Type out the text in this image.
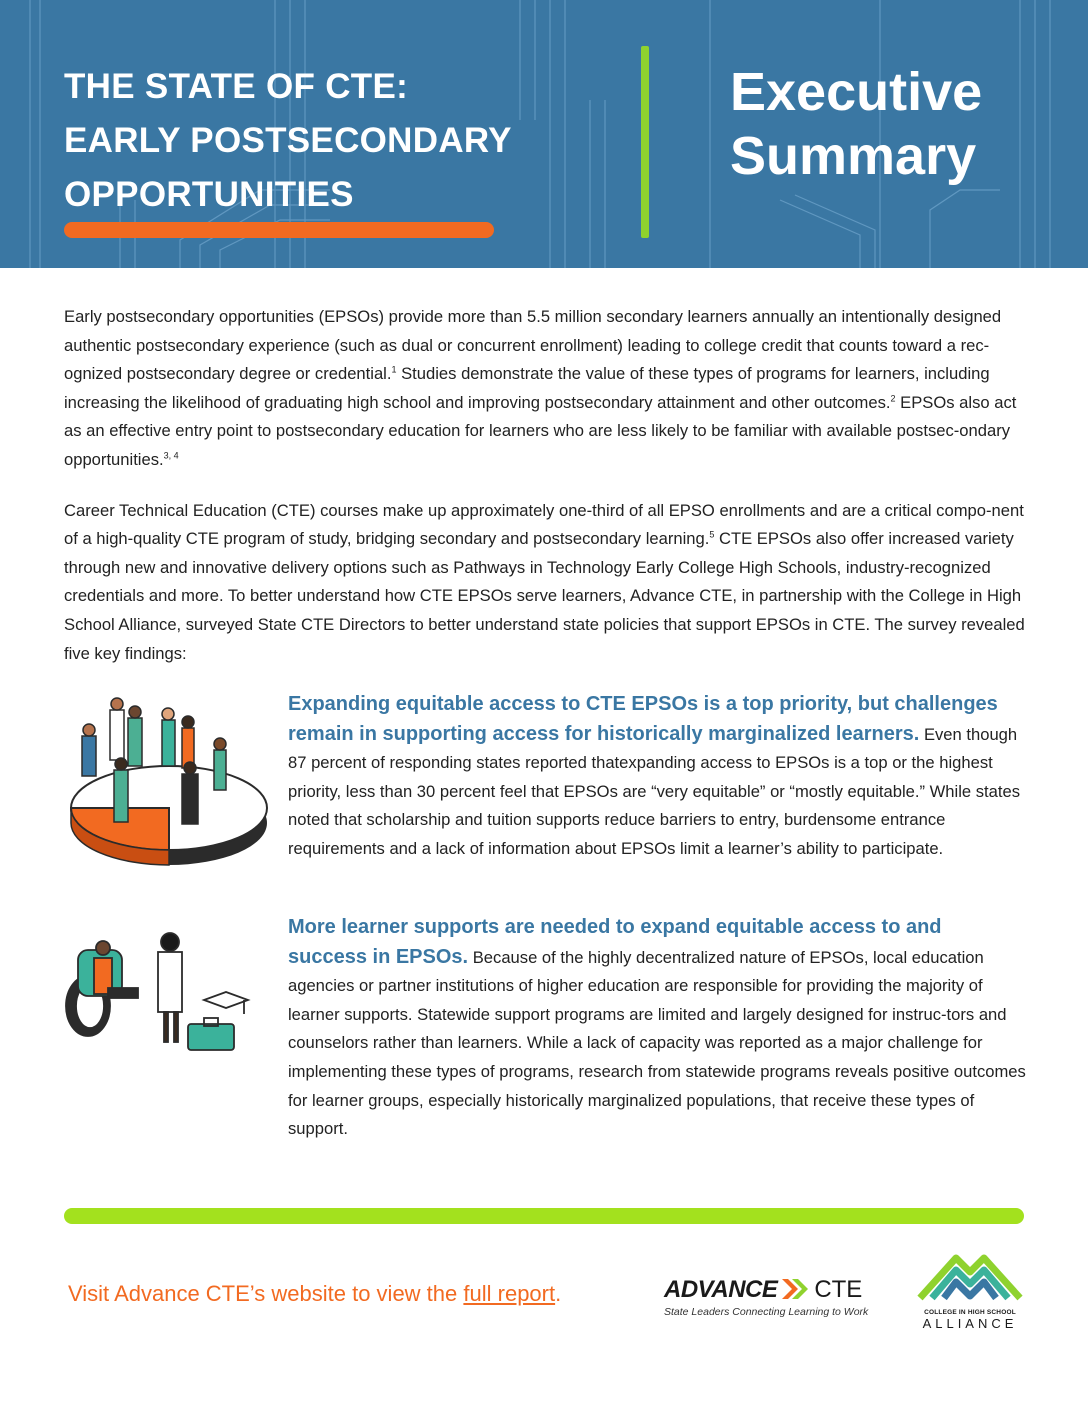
THE STATE OF CTE:
EARLY POSTSECONDARY
OPPORTUNITIES
Executive
Summary

Early postsecondary opportunities (EPSOs) provide more than 5.5 million secondary learners annually an intentionally designed authentic postsecondary experience (such as dual or concurrent enrollment) leading to college credit that counts toward a rec-ognized postsecondary degree or credential.$^1$ Studies demonstrate the value of these types of programs for learners, including increasing the likelihood of graduating high school and improving postsecondary attainment and other outcomes.$^2$ EPSOs also act as an effective entry point to postsecondary education for learners who are less likely to be familiar with available postsec-ondary opportunities.$^{3, 4}$

Career Technical Education (CTE) courses make up approximately one-third of all EPSO enrollments and are a critical compo-nent of a high-quality CTE program of study, bridging secondary and postsecondary learning.$^5$ CTE EPSOs also offer increased variety through new and innovative delivery options such as Pathways in Technology Early College High Schools, industry-recognized credentials and more. To better understand how CTE EPSOs serve learners, Advance CTE, in partnership with the College in High School Alliance, surveyed State CTE Directors to better understand state policies that support EPSOs in CTE. The survey revealed five key findings:

Expanding equitable access to CTE EPSOs is a top priority, but challenges remain in supporting access for historically marginalized learners. Even though 87 percent of responding states reported thatexpanding access to EPSOs is a top or the highest priority, less than 30 percent feel that EPSOs are “very equitable” or “mostly equitable.” While states noted that scholarship and tuition supports reduce barriers to entry, burdensome entrance requirements and a lack of information about EPSOs limit a learner’s ability to participate.
More learner supports are needed to expand equitable access to and success in EPSOs. Because of the highly decentralized nature of EPSOs, local education agencies or partner institutions of higher education are responsible for providing the majority of learner supports. Statewide support programs are limited and largely designed for instruc-tors and counselors rather than learners. While a lack of capacity was reported as a major challenge for implementing these types of programs, research from statewide programs reveals positive outcomes for learner groups, especially historically marginalized populations, that receive these types of support.
Visit Advance CTE’s website to view the full report.	ADVANCE CTE
State Leaders Connecting Learning to Work	COLLEGE IN HIGH SCHOOL
ALLIANCE
